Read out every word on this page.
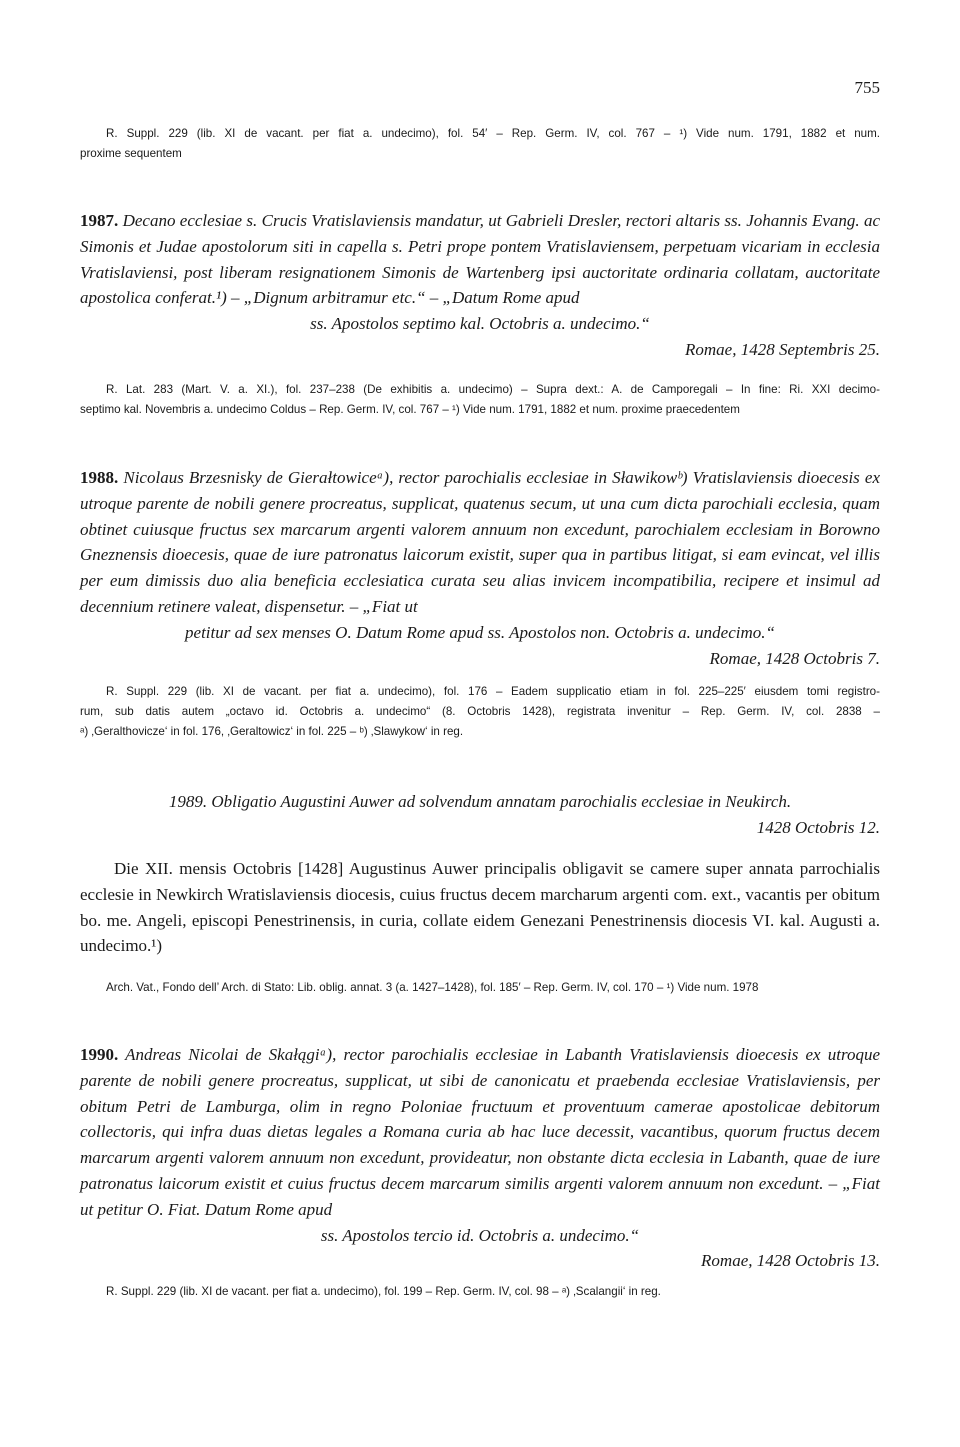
755
R. Suppl. 229 (lib. XI de vacant. per fiat a. undecimo), fol. 54′ – Rep. Germ. IV, col. 767 – ¹) Vide num. 1791, 1882 et num.
proxime sequentem
1987. Decano ecclesiae s. Crucis Vratislaviensis mandatur, ut Gabrieli Dresler, rectori altaris ss. Johannis Evang. ac Simonis et Judae apostolorum siti in capella s. Petri prope pontem Vratislaviensem, perpetuam vicariam in ecclesia Vratislaviensi, post liberam resignationem Simonis de Wartenberg ipsi auctoritate ordinaria collatam, auctoritate apostolica conferat.¹) – „Dignum arbitramur etc.“ – „Datum Rome apud
ss. Apostolos septimo kal. Octobris a. undecimo.“
Romae, 1428 Septembris 25.
R. Lat. 283 (Mart. V. a. XI.), fol. 237–238 (De exhibitis a. undecimo) – Supra dext.: A. de Camporegali – In fine: Ri. XXI decimo-
septimo kal. Novembris a. undecimo Coldus – Rep. Germ. IV, col. 767 – ¹) Vide num. 1791, 1882 et num. proxime praecedentem
1988. Nicolaus Brzesnisky de Gierałtowiceᵃ), rector parochialis ecclesiae in Sławikowᵇ) Vratislaviensis dioecesis ex utroque parente de nobili genere procreatus, supplicat, quatenus secum, ut una cum dicta parochiali ecclesia, quam obtinet cuiusque fructus sex marcarum argenti valorem annuum non excedunt, parochialem ecclesiam in Borowno Gneznensis dioecesis, quae de iure patronatus laicorum existit, super qua in partibus litigat, si eam evincat, vel illis per eum dimissis duo alia beneficia ecclesiatica curata seu alias invicem incompatibilia, recipere et insimul ad decennium retinere valeat, dispensetur. – „Fiat ut
petitur ad sex menses O. Datum Rome apud ss. Apostolos non. Octobris a. undecimo.“
Romae, 1428 Octobris 7.
R. Suppl. 229 (lib. XI de vacant. per fiat a. undecimo), fol. 176 – Eadem supplicatio etiam in fol. 225–225′ eiusdem tomi registro-
rum, sub datis autem „octavo id. Octobris a. undecimo“ (8. Octobris 1428), registrata invenitur – Rep. Germ. IV, col. 2838 –
ᵃ) ‚Geralthovicze‘ in fol. 176, ‚Geraltowicz‘ in fol. 225 – ᵇ) ‚Slawykow‘ in reg.
1989. Obligatio Augustini Auwer ad solvendum annatam parochialis ecclesiae in Neukirch.
1428 Octobris 12.
Die XII. mensis Octobris [1428] Augustinus Auwer principalis obligavit se camere super annata parrochialis ecclesie in Newkirch Wratislaviensis diocesis, cuius fructus decem marcharum argenti com. ext., vacantis per obitum bo. me. Angeli, episcopi Penestrinensis, in curia, collate eidem Genezani Penestrinensis diocesis VI. kal. Augusti a. undecimo.¹)
Arch. Vat., Fondo dell’ Arch. di Stato: Lib. oblig. annat. 3 (a. 1427–1428), fol. 185′ – Rep. Germ. IV, col. 170 – ¹) Vide num. 1978
1990. Andreas Nicolai de Skałągiᵃ), rector parochialis ecclesiae in Labanth Vratislaviensis dioecesis ex utroque parente de nobili genere procreatus, supplicat, ut sibi de canonicatu et praebenda ecclesiae Vratislaviensis, per obitum Petri de Lamburga, olim in regno Poloniae fructuum et proventuum camerae apostolicae debitorum collectoris, qui infra duas dietas legales a Romana curia ab hac luce decessit, vacantibus, quorum fructus decem marcarum argenti valorem annuum non excedunt, provideatur, non obstante dicta ecclesia in Labanth, quae de iure patronatus laicorum existit et cuius fructus decem marcarum similis argenti valorem annuum non excedunt. – „Fiat ut petitur O. Fiat. Datum Rome apud
ss. Apostolos tercio id. Octobris a. undecimo.“
Romae, 1428 Octobris 13.
R. Suppl. 229 (lib. XI de vacant. per fiat a. undecimo), fol. 199 – Rep. Germ. IV, col. 98 – ᵃ) ‚Scalangii‘ in reg.
